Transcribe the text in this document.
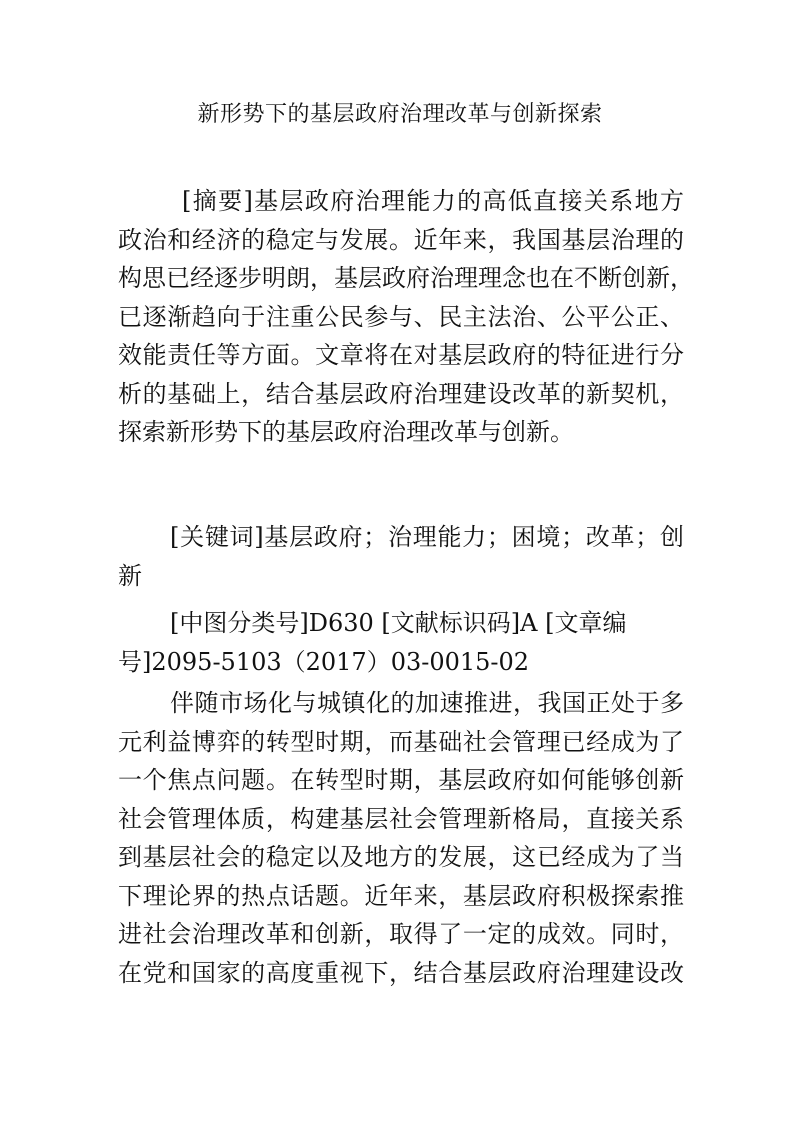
新形势下的基层政府治理改革与创新探索
[摘要]基层政府治理能力的高低直接关系地方
政治和经济的稳定与发展。近年来，我国基层治理的
构思已经逐步明朗，基层政府治理理念也在不断创新，
已逐渐趋向于注重公民参与、民主法治、公平公正、
效能责任等方面。文章将在对基层政府的特征进行分
析的基础上，结合基层政府治理建设改革的新契机，
探索新形势下的基层政府治理改革与创新。
[关键词]基层政府；治理能力；困境；改革；创
新
[中图分类号]D630 [文献标识码]A [文章编
号]2095-5103（2017）03-0015-02
伴随市场化与城镇化的加速推进，我国正处于多
元利益博弈的转型时期，而基础社会管理已经成为了
一个焦点问题。在转型时期，基层政府如何能够创新
社会管理体质，构建基层社会管理新格局，直接关系
到基层社会的稳定以及地方的发展，这已经成为了当
下理论界的热点话题。近年来，基层政府积极探索推
进社会治理改革和创新，取得了一定的成效。同时，
在党和国家的高度重视下，结合基层政府治理建设改
